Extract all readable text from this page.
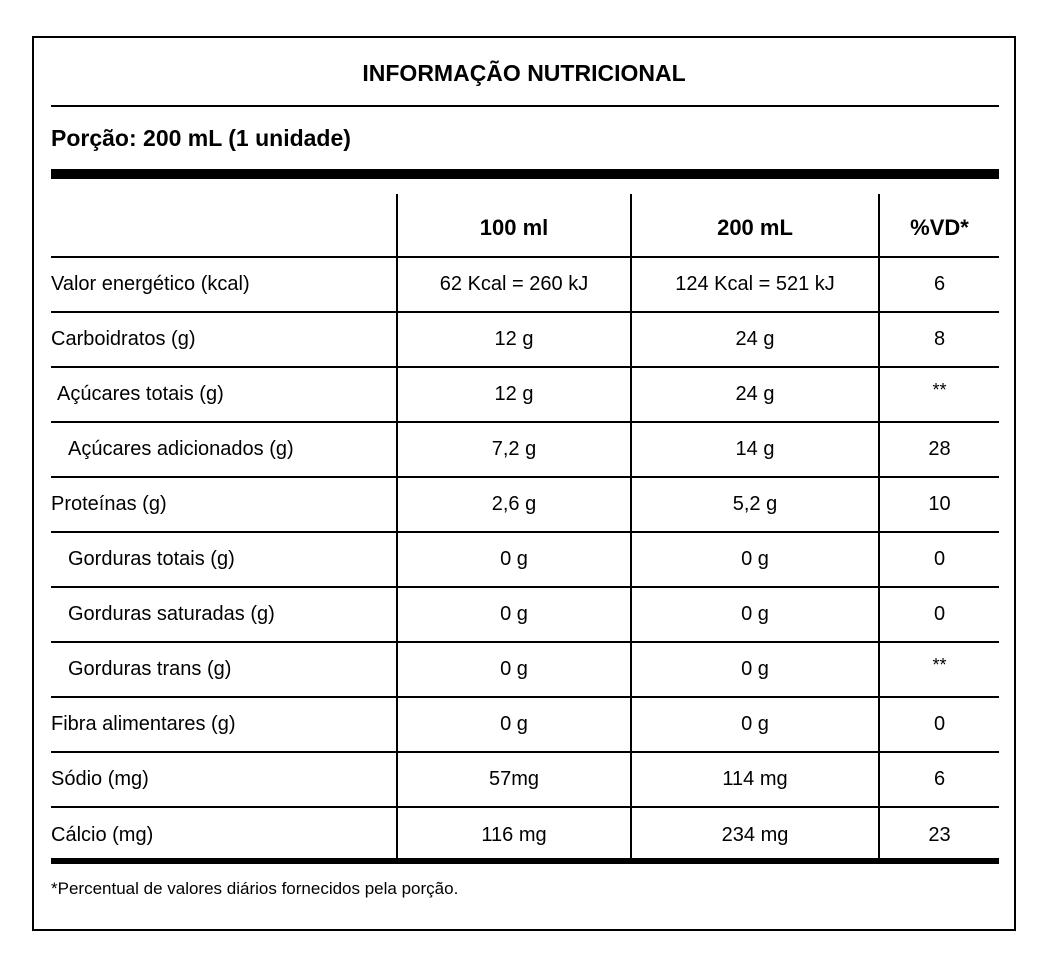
INFORMAÇÃO NUTRICIONAL
Porção: 200 mL (1 unidade)
	100 ml	200 mL	%VD*
Valor energético (kcal)	62 Kcal = 260 kJ	124 Kcal = 521 kJ	6
Carboidratos (g)	12 g	24 g	8
Açúcares totais (g)	12 g	24 g	**
Açúcares adicionados (g)	7,2 g	14 g	28
Proteínas (g)	2,6 g	5,2 g	10
Gorduras totais (g)	0 g	0 g	0
Gorduras saturadas (g)	0 g	0 g	0
Gorduras trans (g)	0 g	0 g	**
Fibra alimentares (g)	0 g	0 g	0
Sódio (mg)	57mg	114 mg	6
Cálcio (mg)	116 mg	234 mg	23
*Percentual de valores diários fornecidos pela porção.
